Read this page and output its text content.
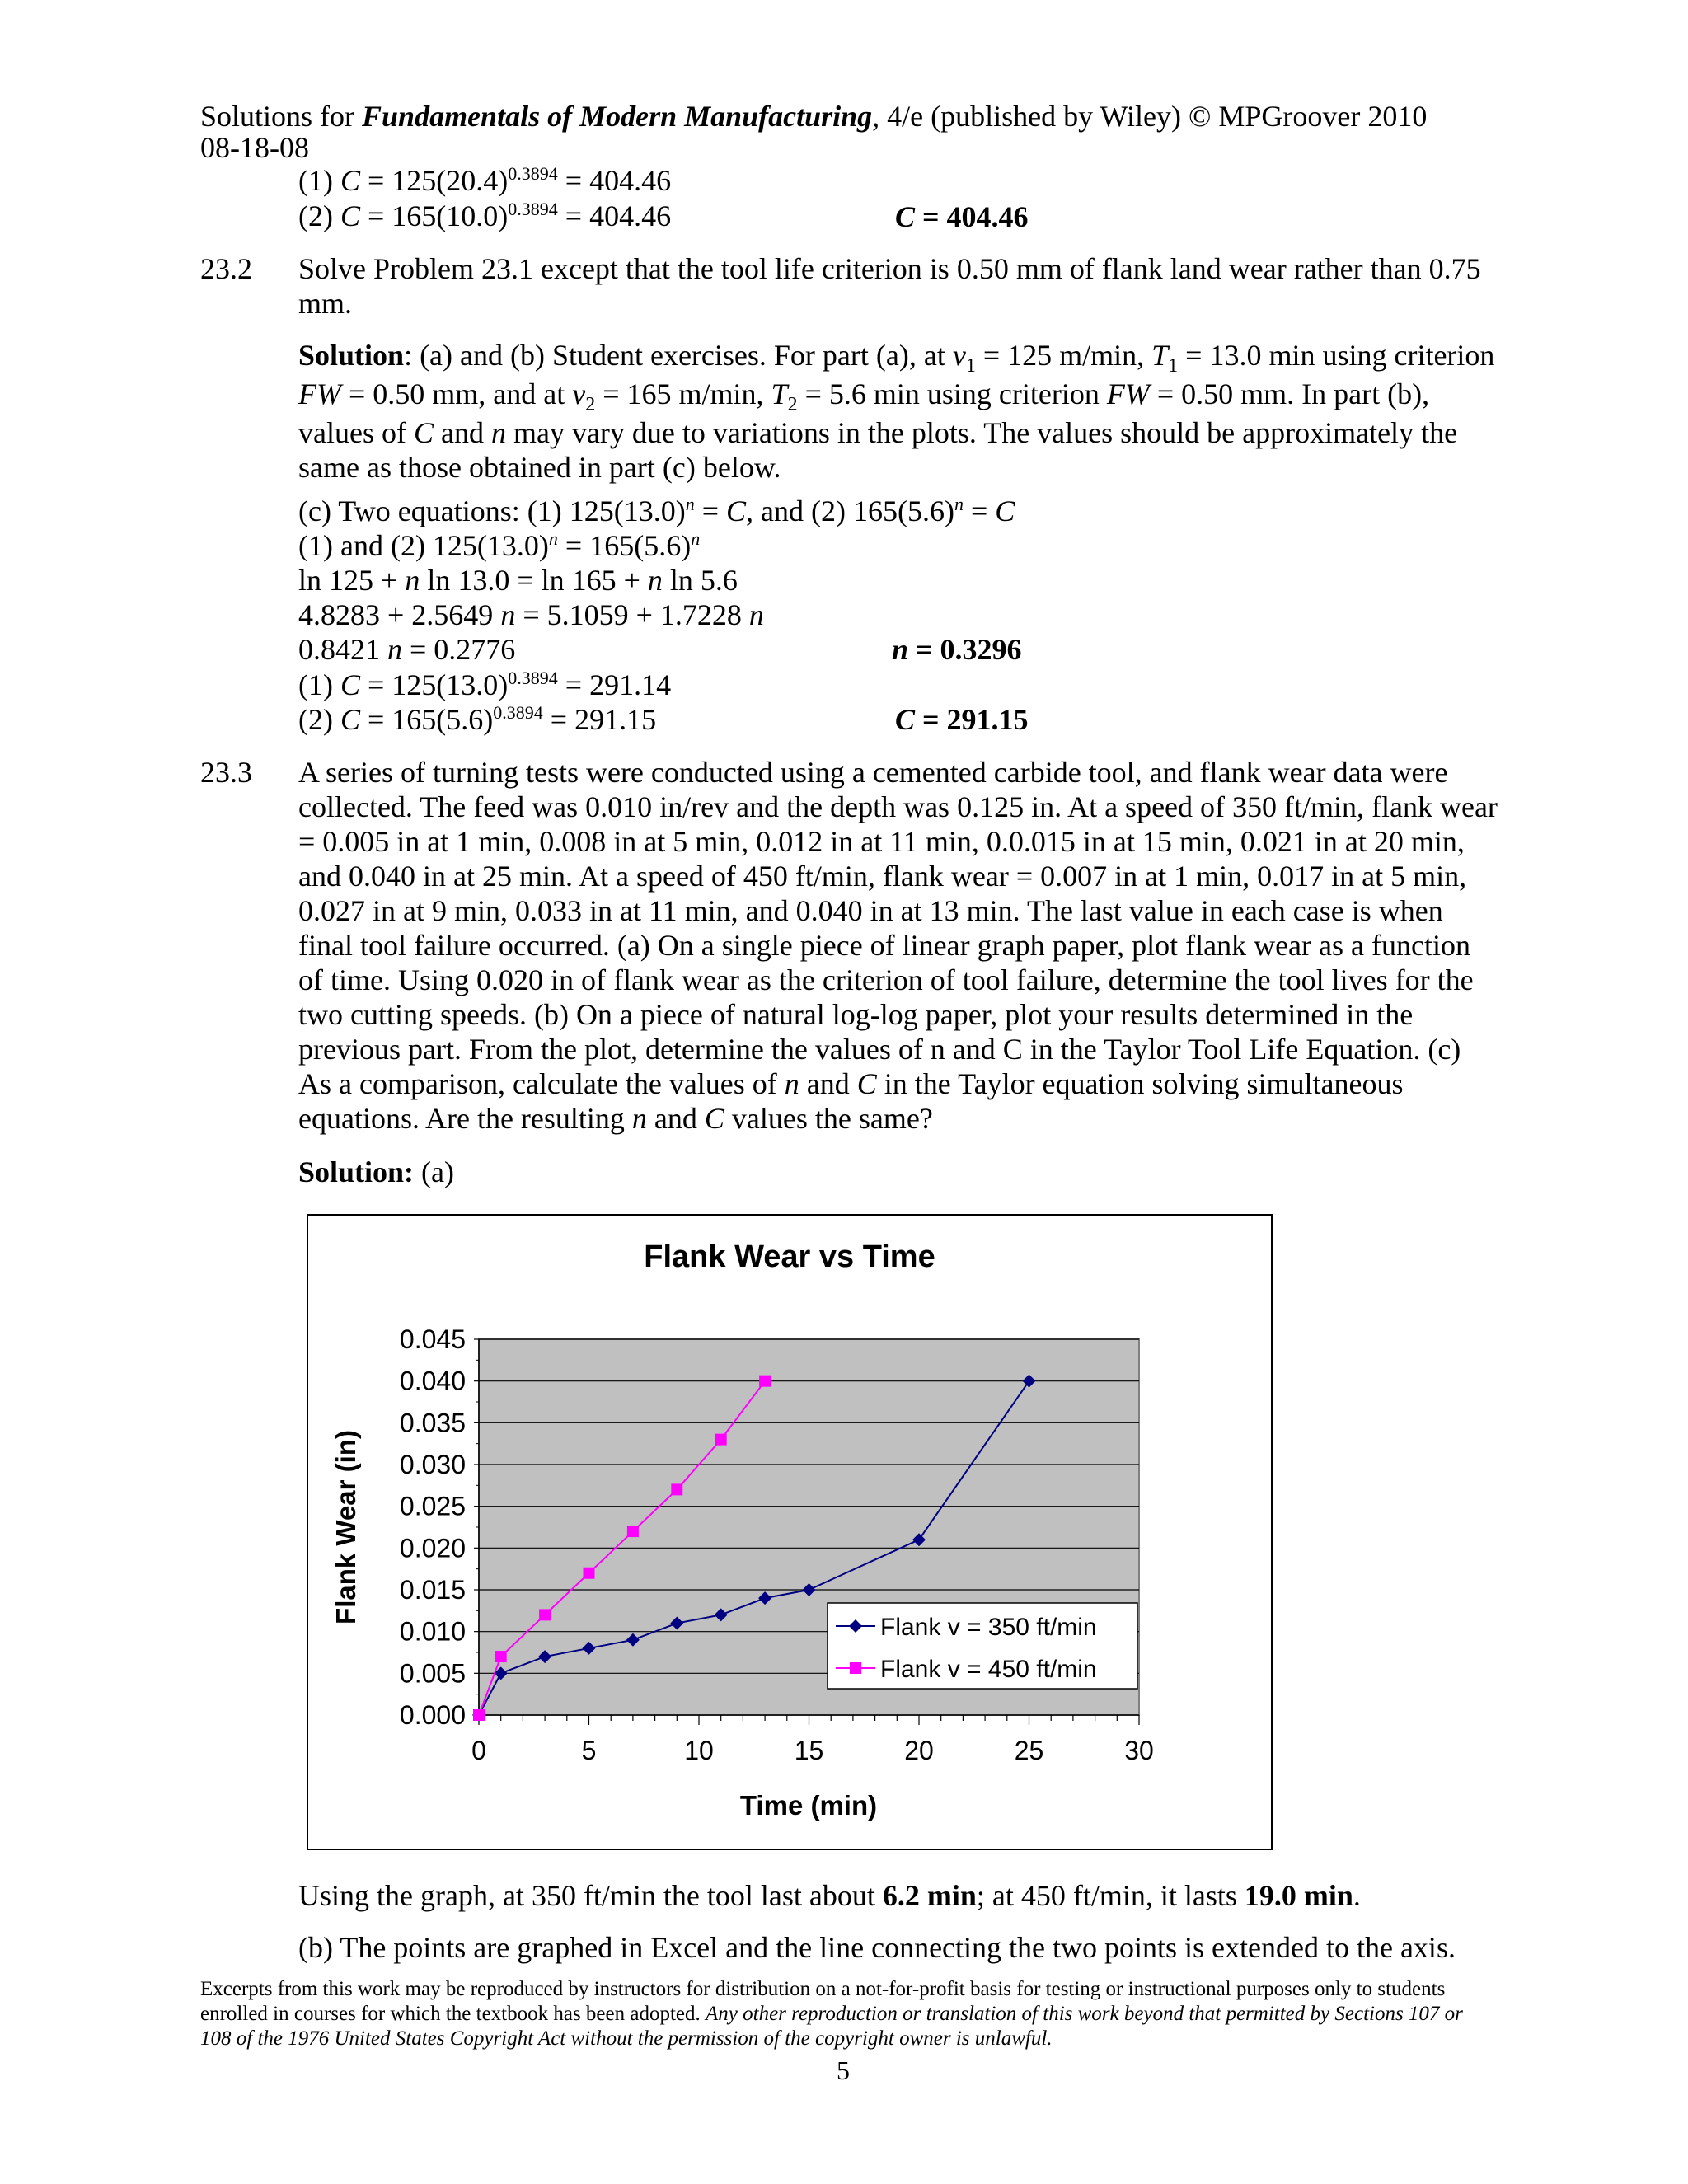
Solutions for Fundamentals of Modern Manufacturing, 4/e (published by Wiley) © MPGroover 2010
08-18-08
(1) $C = 125(20.4)^{0.3894} = 404.46$
(2) $C = 165(10.0)^{0.3894} = 404.46$	C = 404.46
23.2 Solve Problem 23.1 except that the tool life criterion is 0.50 mm of flank land wear rather than 0.75 mm.
Solution: (a) and (b) Student exercises. For part (a), at $v_1 = 125$ m/min, $T_1 = 13.0$ min using criterion FW = 0.50 mm, and at $v_2 = 165$ m/min, $T_2 = 5.6$ min using criterion FW = 0.50 mm. In part (b), values of C and n may vary due to variations in the plots. The values should be approximately the same as those obtained in part (c) below.
(c) Two equations: (1) $125(13.0)^n = C$, and (2) $165(5.6)^n = C$
(1) and (2) $125(13.0)^n = 165(5.6)^n$
ln 125 + n ln 13.0 = ln 165 + n ln 5.6
4.8283 + 2.5649 n = 5.1059 + 1.7228 n
0.8421 n = 0.2776	n = 0.3296
(1) $C = 125(13.0)^{0.3894} = 291.14$
(2) $C = 165(5.6)^{0.3894} = 291.15$	C = 291.15
23.3 A series of turning tests were conducted using a cemented carbide tool, and flank wear data were collected. The feed was 0.010 in/rev and the depth was 0.125 in. At a speed of 350 ft/min, flank wear = 0.005 in at 1 min, 0.008 in at 5 min, 0.012 in at 11 min, 0.0.015 in at 15 min, 0.021 in at 20 min, and 0.040 in at 25 min. At a speed of 450 ft/min, flank wear = 0.007 in at 1 min, 0.017 in at 5 min, 0.027 in at 9 min, 0.033 in at 11 min, and 0.040 in at 13 min. The last value in each case is when final tool failure occurred. (a) On a single piece of linear graph paper, plot flank wear as a function of time. Using 0.020 in of flank wear as the criterion of tool failure, determine the tool lives for the two cutting speeds. (b) On a piece of natural log-log paper, plot your results determined in the previous part. From the plot, determine the values of n and C in the Taylor Tool Life Equation. (c) As a comparison, calculate the values of n and C in the Taylor equation solving simultaneous equations. Are the resulting n and C values the same?
Solution: (a)
Flank Wear vs Time
0.000
0.005
0.010
0.015
0.020
0.025
0.030
0.035
0.040
0.045
0	5	10	15	20	25	30
Time (min)
Flank Wear (in)
Flank v = 350 ft/min
Flank v = 450 ft/min
Using the graph, at 350 ft/min the tool last about 6.2 min; at 450 ft/min, it lasts 19.0 min.
(b) The points are graphed in Excel and the line connecting the two points is extended to the axis.
Excerpts from this work may be reproduced by instructors for distribution on a not-for-profit basis for testing or instructional purposes only to students enrolled in courses for which the textbook has been adopted. Any other reproduction or translation of this work beyond that permitted by Sections 107 or 108 of the 1976 United States Copyright Act without the permission of the copyright owner is unlawful.
5
